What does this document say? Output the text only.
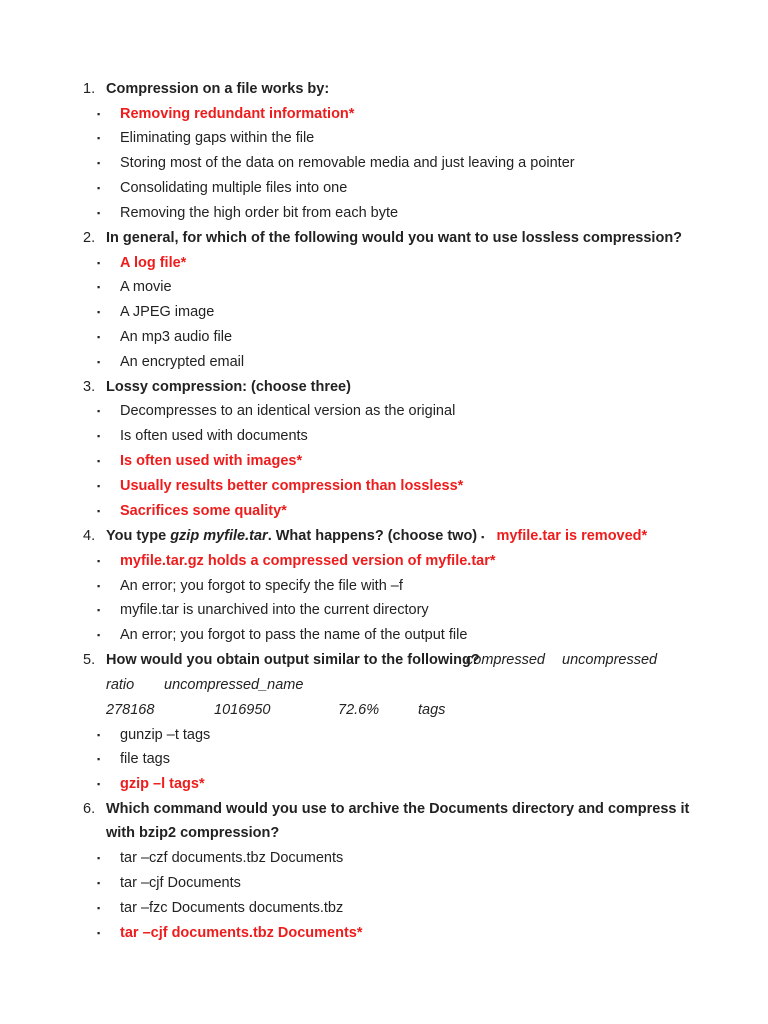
1. Compression on a file works by:
▪ Removing redundant information*
▪ Eliminating gaps within the file
▪ Storing most of the data on removable media and just leaving a pointer
▪ Consolidating multiple files into one
▪ Removing the high order bit from each byte
2. In general, for which of the following would you want to use lossless compression?
▪ A log file*
▪ A movie
▪ A JPEG image
▪ An mp3 audio file
▪ An encrypted email
3. Lossy compression: (choose three)
▪ Decompresses to an identical version as the original
▪ Is often used with documents
▪ Is often used with images*
▪ Usually results better compression than lossless*
▪ Sacrifices some quality*
4. You type gzip myfile.tar. What happens? (choose two) ▪ myfile.tar is removed*
▪ myfile.tar.gz holds a compressed version of myfile.tar*
▪ An error; you forgot to specify the file with –f
▪ myfile.tar is unarchived into the current directory
▪ An error; you forgot to pass the name of the output file
5. How would you obtain output similar to the following?
compressed uncompressed
ratio uncompressed_name
278168	1016950	72.6%	tags
▪ gunzip –t tags
▪ file tags
▪ gzip –l tags*
6. Which command would you use to archive the Documents directory and compress it
with bzip2 compression?
▪ tar –czf documents.tbz Documents
▪ tar –cjf Documents
▪ tar –fzc Documents documents.tbz
▪ tar –cjf documents.tbz Documents*
